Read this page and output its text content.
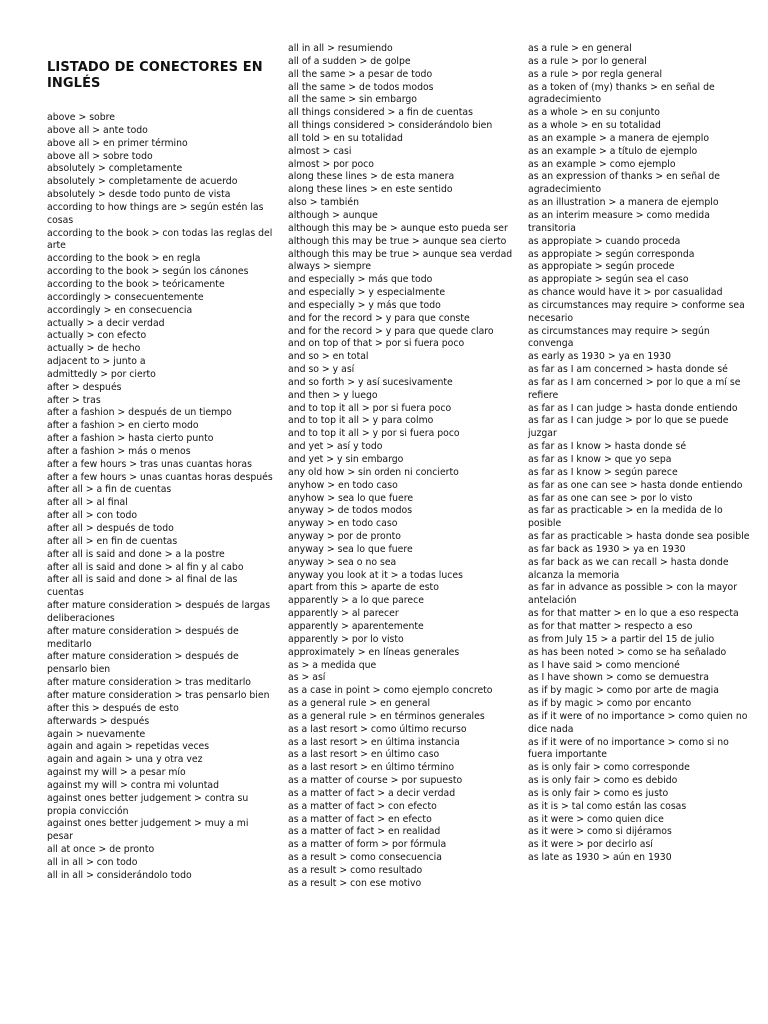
LISTADO DE CONECTORES EN INGLÉS
above > sobre
above all > ante todo
above all > en primer término
above all > sobre todo
absolutely > completamente
absolutely > completamente de acuerdo
absolutely > desde todo punto de vista
according to how things are > según estén las cosas
according to the book > con todas las reglas del arte
according to the book > en regla
according to the book > según los cánones
according to the book > teóricamente
accordingly > consecuentemente
accordingly > en consecuencia
actually > a decir verdad
actually > con efecto
actually > de hecho
adjacent to > junto a
admittedly > por cierto
after > después
after > tras
after a fashion > después de un tiempo
after a fashion > en cierto modo
after a fashion > hasta cierto punto
after a fashion > más o menos
after a few hours > tras unas cuantas horas
after a few hours > unas cuantas horas después
after all > a fin de cuentas
after all > al final
after all > con todo
after all > después de todo
after all > en fin de cuentas
after all is said and done > a la postre
after all is said and done > al fin y al cabo
after all is said and done > al final de las cuentas
after mature consideration > después de largas deliberaciones
after mature consideration > después de meditarlo
after mature consideration > después de pensarlo bien
after mature consideration > tras meditarlo
after mature consideration > tras pensarlo bien
after this > después de esto
afterwards > después
again > nuevamente
again and again > repetidas veces
again and again > una y otra vez
against my will > a pesar mío
against my will > contra mi voluntad
against ones better judgement > contra su propia convicción
against ones better judgement > muy a mi pesar
all at once > de pronto
all in all > con todo
all in all > considerándolo todo
all in all > resumiendo
all of a sudden > de golpe
all the same > a pesar de todo
all the same > de todos modos
all the same > sin embargo
all things considered > a fin de cuentas
all things considered > considerándolo bien
all told > en su totalidad
almost > casi
almost > por poco
along these lines > de esta manera
along these lines > en este sentido
also > también
although > aunque
although this may be > aunque esto pueda ser
although this may be true > aunque sea cierto
although this may be true > aunque sea verdad
always > siempre
and especially > más que todo
and especially > y especialmente
and especially > y más que todo
and for the record > y para que conste
and for the record > y para que quede claro
and on top of that > por si fuera poco
and so > en total
and so > y así
and so forth > y así sucesivamente
and then > y luego
and to top it all > por si fuera poco
and to top it all > y para colmo
and to top it all > y por si fuera poco
and yet > así y todo
and yet > y sin embargo
any old how > sin orden ni concierto
anyhow > en todo caso
anyhow > sea lo que fuere
anyway > de todos modos
anyway > en todo caso
anyway > por de pronto
anyway > sea lo que fuere
anyway > sea o no sea
anyway you look at it > a todas luces
apart from this > aparte de esto
apparently > a lo que parece
apparently > al parecer
apparently > aparentemente
apparently > por lo visto
approximately > en líneas generales
as > a medida que
as > así
as a case in point > como ejemplo concreto
as a general rule > en general
as a general rule > en términos generales
as a last resort > como último recurso
as a last resort > en última instancia
as a last resort > en último caso
as a last resort > en último término
as a matter of course > por supuesto
as a matter of fact > a decir verdad
as a matter of fact > con efecto
as a matter of fact > en efecto
as a matter of fact > en realidad
as a matter of form > por fórmula
as a result > como consecuencia
as a result > como resultado
as a result > con ese motivo
as a rule > en general
as a rule > por lo general
as a rule > por regla general
as a token of (my) thanks > en señal de agradecimiento
as a whole > en su conjunto
as a whole > en su totalidad
as an example > a manera de ejemplo
as an example > a título de ejemplo
as an example > como ejemplo
as an expression of thanks > en señal de agradecimiento
as an illustration > a manera de ejemplo
as an interim measure > como medida transitoria
as appropiate > cuando proceda
as appropiate > según corresponda
as appropiate > según procede
as appropiate > según sea el caso
as chance would have it > por casualidad
as circumstances may require > conforme sea necesario
as circumstances may require > según convenga
as early as 1930 > ya en 1930
as far as I am concerned > hasta donde sé
as far as I am concerned > por lo que a mí se refiere
as far as I can judge > hasta donde entiendo
as far as I can judge > por lo que se puede juzgar
as far as I know > hasta donde sé
as far as I know > que yo sepa
as far as I know > según parece
as far as one can see > hasta donde entiendo
as far as one can see > por lo visto
as far as practicable > en la medida de lo posible
as far as practicable > hasta donde sea posible
as far back as 1930 > ya en 1930
as far back as we can recall > hasta donde alcanza la memoria
as far in advance as possible > con la mayor antelación
as for that matter > en lo que a eso respecta
as for that matter > respecto a eso
as from July 15 > a partir del 15 de julio
as has been noted > como se ha señalado
as I have said > como mencioné
as I have shown > como se demuestra
as if by magic > como por arte de magia
as if by magic > como por encanto
as if it were of no importance > como quien no dice nada
as if it were of no importance > como si no fuera importante
as is only fair > como corresponde
as is only fair > como es debido
as is only fair > como es justo
as it is > tal como están las cosas
as it were > como quien dice
as it were > como si dijéramos
as it were > por decirlo así
as late as 1930 > aún en 1930
